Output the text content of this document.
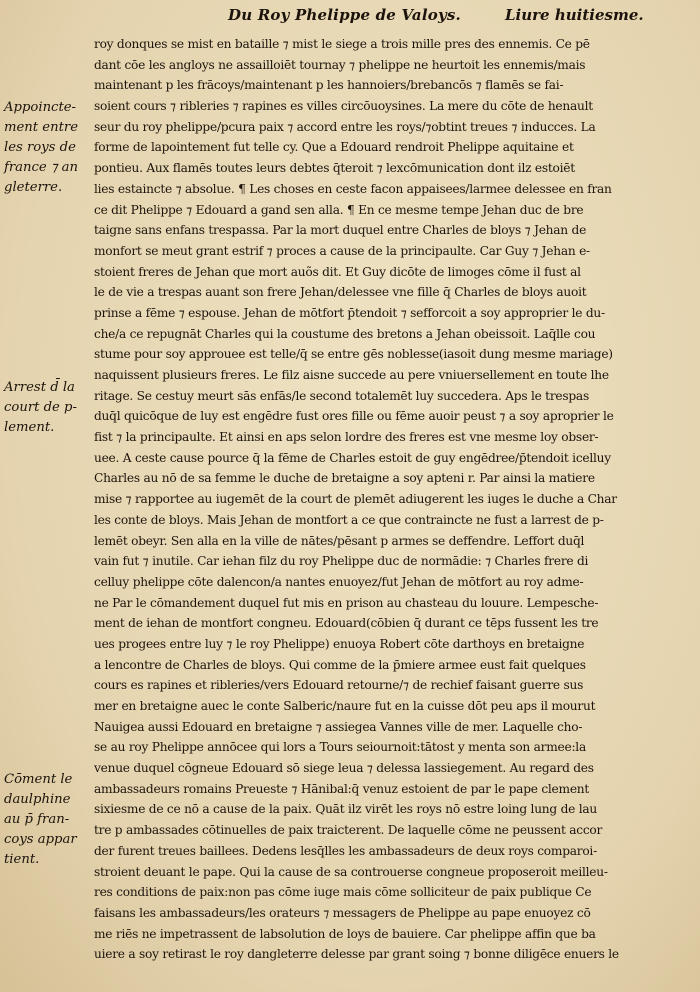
Du Roy Phelippe de Valoys.	Liure huitiesme.
Appoincte-
ment entre
les roys de
france ⁊ an
gleterre.
Arrest d̄ la
court de p-
lement.
Cōment le
daulphine
au p̄ fran-
coys appar
tient.
roy donques se mist en bataille ⁊ mist le siege a trois mille pres des ennemis. Ce pē
dant cōe les angloys ne assailloiēt tournay ⁊ phelippe ne heurtoit les ennemis/mais
maintenant p les frācoys/maintenant p les hannoiers/brebancōs ⁊ flamēs se fai-
soient cours ⁊ ribleries ⁊ rapines es villes circōuoysines. La mere du cōte de henault
seur du roy phelippe/pcura paix ⁊ accord entre les roys/⁊obtint treues ⁊ inducces. La
forme de lapointement fut telle cy. Que a Edouard rendroit Phelippe aquitaine et
pontieu. Aux flamēs toutes leurs debtes q̄teroit ⁊ lexcōmunication dont ilz estoiēt
lies estaincte ⁊ absolue. ¶ Les choses en ceste facon appaisees/larmee delessee en fran
ce dit Phelippe ⁊ Edouard a gand sen alla. ¶ En ce mesme tempe Jehan duc de bre
taigne sans enfans trespassa. Par la mort duquel entre Charles de bloys ⁊ Jehan de
monfort se meut grant estrif ⁊ proces a cause de la principaulte. Car Guy ⁊ Jehan e-
stoient freres de Jehan que mort auõs dit. Et Guy dicōte de limoges cōme il fust al
le de vie a trespas auant son frere Jehan/delessee vne fille q̄ Charles de bloys auoit
prinse a fēme ⁊ espouse. Jehan de mōtfort p̄tendoit ⁊ sefforcoit a soy approprier le du-
che/a ce repugnāt Charles qui la coustume des bretons a Jehan obeissoit. Laq̄lle cou
stume pour soy approuee est telle/q̄ se entre gēs noblesse(iasoit dung mesme mariage)
naquissent plusieurs freres. Le filz aisne succede au pere vniuersellement en toute lhe
ritage. Se cestuy meurt sās enfās/le second totalemēt luy succedera. Aps le trespas
duq̄l quicōque de luy est engēdre fust ores fille ou fēme auoir peust ⁊ a soy aproprier le
fist ⁊ la principaulte. Et ainsi en aps selon lordre des freres est vne mesme loy obser-
uee. A ceste cause pource q̄ la fēme de Charles estoit de guy engēdree/p̄tendoit icelluy
Charles au nō de sa femme le duche de bretaigne a soy apteni r. Par ainsi la matiere
mise ⁊ rapportee au iugemēt de la court de plemēt adiugerent les iuges le duche a Char
les conte de bloys. Mais Jehan de montfort a ce que contraincte ne fust a larrest de p-
lemēt obeyr. Sen alla en la ville de nātes/pēsant p armes se deffendre. Leffort duq̄l
vain fut ⁊ inutile. Car iehan filz du roy Phelippe duc de normādie: ⁊ Charles frere di
celluy phelippe cōte dalencon/a nantes enuoyez/fut Jehan de mōtfort au roy adme-
ne Par le cōmandement duquel fut mis en prison au chasteau du louure. Lempesche-
ment de iehan de montfort congneu. Edouard(cōbien q̄ durant ce tēps fussent les tre
ues progees entre luy ⁊ le roy Phelippe) enuoya Robert cōte darthoys en bretaigne
a lencontre de Charles de bloys. Qui comme de la p̄miere armee eust fait quelques
cours es rapines et ribleries/vers Edouard retourne/⁊ de rechief faisant guerre sus
mer en bretaigne auec le conte Salberic/naure fut en la cuisse dōt peu aps il mourut
Nauigea aussi Edouard en bretaigne ⁊ assiegea Vannes ville de mer. Laquelle cho-
se au roy Phelippe annōcee qui lors a Tours seiournoit:tātost y menta son armee:la
venue duquel cōgneue Edouard sō siege leua ⁊ delessa lassiegement. Au regard des
ambassadeurs romains Preueste ⁊ Hānibal:q̄ venuz estoient de par le pape clement
sixiesme de ce nō a cause de la paix. Quāt ilz virēt les roys nō estre loing lung de lau
tre p ambassades cōtinuelles de paix traicterent. De laquelle cōme ne peussent accor
der furent treues baillees. Dedens lesq̄lles les ambassadeurs de deux roys comparoi-
stroient deuant le pape. Qui la cause de sa controuerse congneue proposeroit meilleu-
res conditions de paix:non pas cōme iuge mais cōme solliciteur de paix publique Ce
faisans les ambassadeurs/les orateurs ⁊ messagers de Phelippe au pape enuoyez cō
me riēs ne impetrassent de labsolution de loys de bauiere. Car phelippe affin que ba
uiere a soy retirast le roy dangleterre delesse par grant soing ⁊ bonne diligēce enuers le
